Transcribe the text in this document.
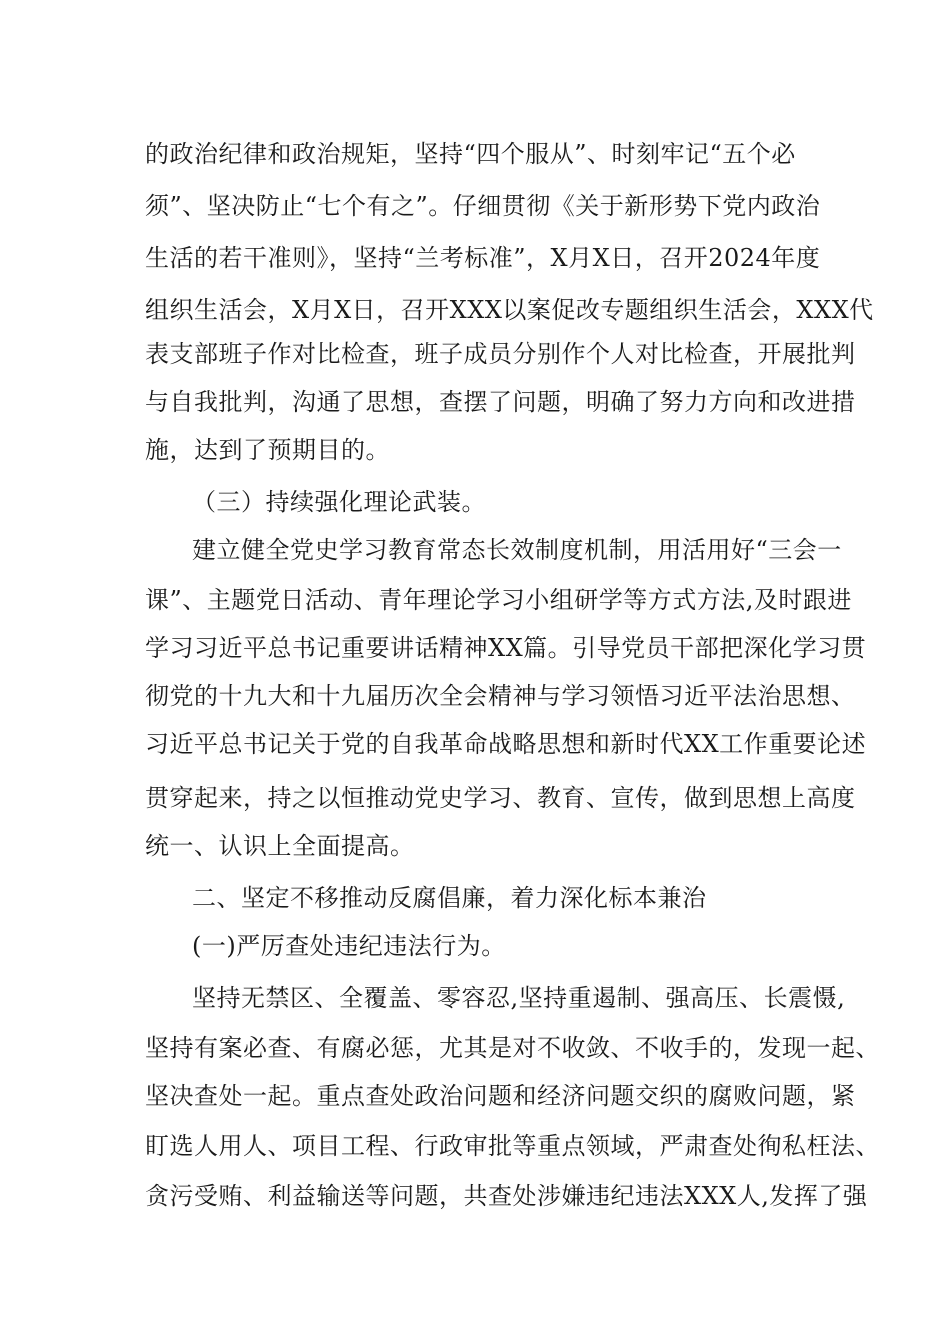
的政治纪律和政治规矩，坚持“四个服从”、时刻牢记“五个必
须”、坚决防止“七个有之”。仔细贯彻《关于新形势下党内政治
生活的若干准则》，坚持“兰考标准”，X月X日，召开2024年度
组织生活会，X月X日，召开XXX以案促改专题组织生活会，XXX代
表支部班子作对比检查，班子成员分别作个人对比检查，开展批判
与自我批判，沟通了思想，查摆了问题，明确了努力方向和改进措
施，达到了预期目的。
（三）持续强化理论武装。
建立健全党史学习教育常态长效制度机制，用活用好“三会一
课”、主题党日活动、青年理论学习小组研学等方式方法,及时跟进
学习习近平总书记重要讲话精神XX篇。引导党员干部把深化学习贯
彻党的十九大和十九届历次全会精神与学习领悟习近平法治思想、
习近平总书记关于党的自我革命战略思想和新时代XX工作重要论述
贯穿起来，持之以恒推动党史学习、教育、宣传，做到思想上高度
统一、认识上全面提高。
二、坚定不移推动反腐倡廉，着力深化标本兼治
(一)严厉查处违纪违法行为。
坚持无禁区、全覆盖、零容忍,坚持重遏制、强高压、长震慑,
坚持有案必查、有腐必惩，尤其是对不收敛、不收手的，发现一起、
坚决查处一起。重点查处政治问题和经济问题交织的腐败问题，紧
盯选人用人、项目工程、行政审批等重点领域，严肃查处徇私枉法、
贪污受贿、利益输送等问题，共查处涉嫌违纪违法XXX人,发挥了强
